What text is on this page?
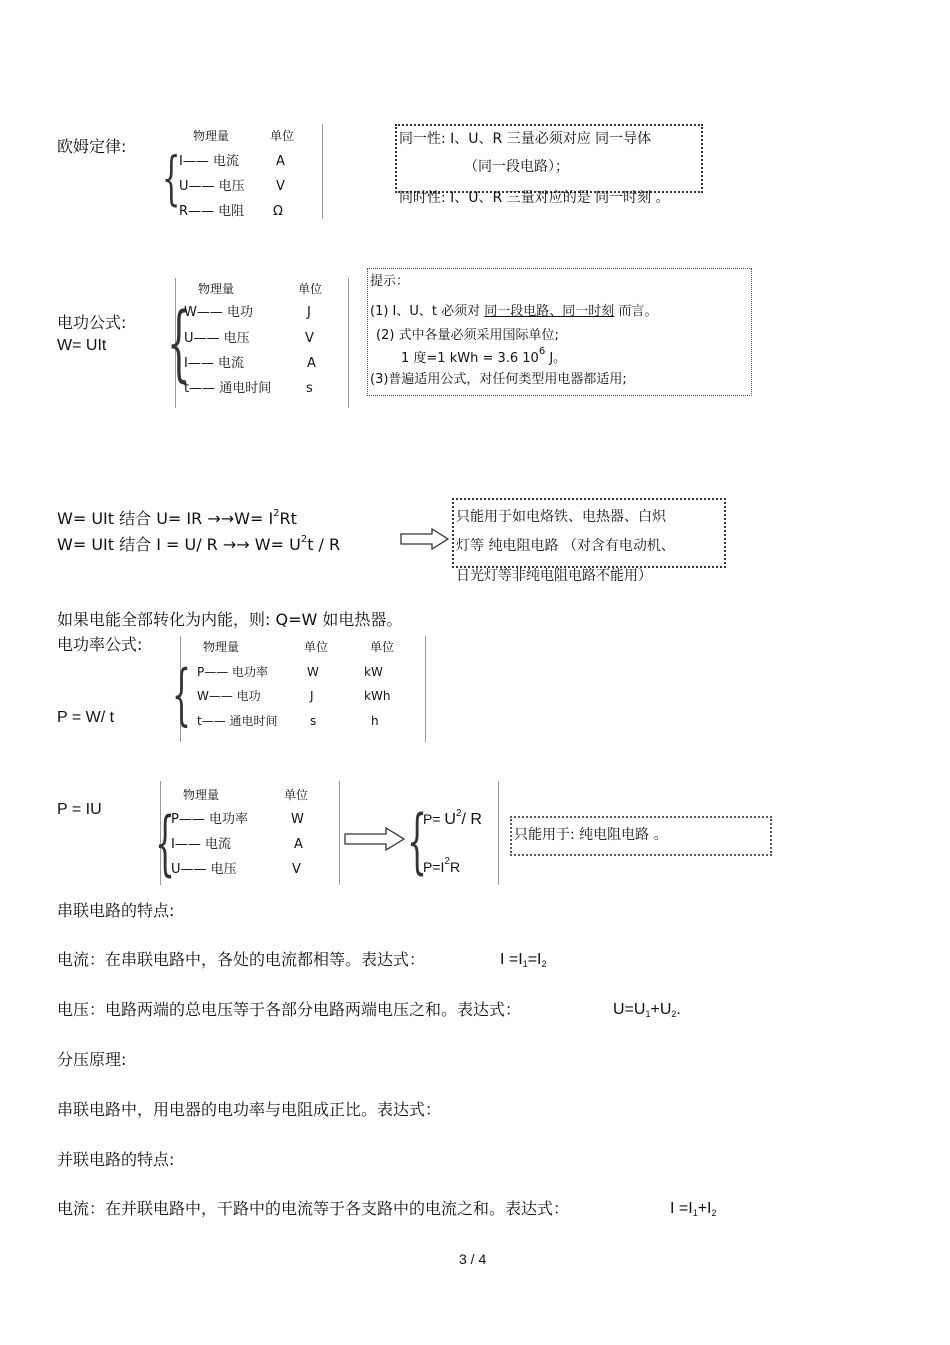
欧姆定律:
物理量	单位
{
I—— 电流	A
U—— 电压 V
R—— 电阻 Ω
同一性: I、U、R 三量必须对应 同一导体
（同一段电路）；
同时性: I、U、R 三量对应的是 同一时刻 。
电功公式:
W= UIt
物理量	单位
{
W—— 电功	J
U—— 电压	V
I—— 电流	A
t—— 通电时间	s
提示：
(1) I、U、t 必须对 同一段电路、同一时刻 而言。
(2) 式中各量必须采用国际单位;
1 度=1 kWh = 3.6 $10^6$ J。
(3)普遍适用公式，对任何类型用电器都适用;
W= UIt 结合 U= IR $\to\to W= I^2Rt$
W= UIt 结合 I = U/ $R \to\to W= U^2t / R$
只能用于如电烙铁、电热器、白炽
灯等 纯电阻电路 （对含有电动机、
日光灯等非纯电阻电路不能用）
如果电能全部转化为内能，则: Q=W 如电热器。
电功率公式:
P = W/ t
物理量	单位	单位
{ P—— 电功率	W	kW
W—— 电功	J	kWh
t—— 通电时间	s	h
P = IU
物理量	单位
{
P—— 电功率	W
I—— 电流	A
U—— 电压	V {
$P= U^2/$ R
$P=I^2R$
只能用于: 纯电阻电路 。
串联电路的特点:
电流：在串联电路中，各处的电流都相等。表达式：	I =I1=I2
电压：电路两端的总电压等于各部分电路两端电压之和。表达式：	U=U1+U2.
分压原理:
串联电路中，用电器的电功率与电阻成正比。表达式：
并联电路的特点:
电流：在并联电路中，干路中的电流等于各支路中的电流之和。表达式：	I =I1+I2
3 / 4
